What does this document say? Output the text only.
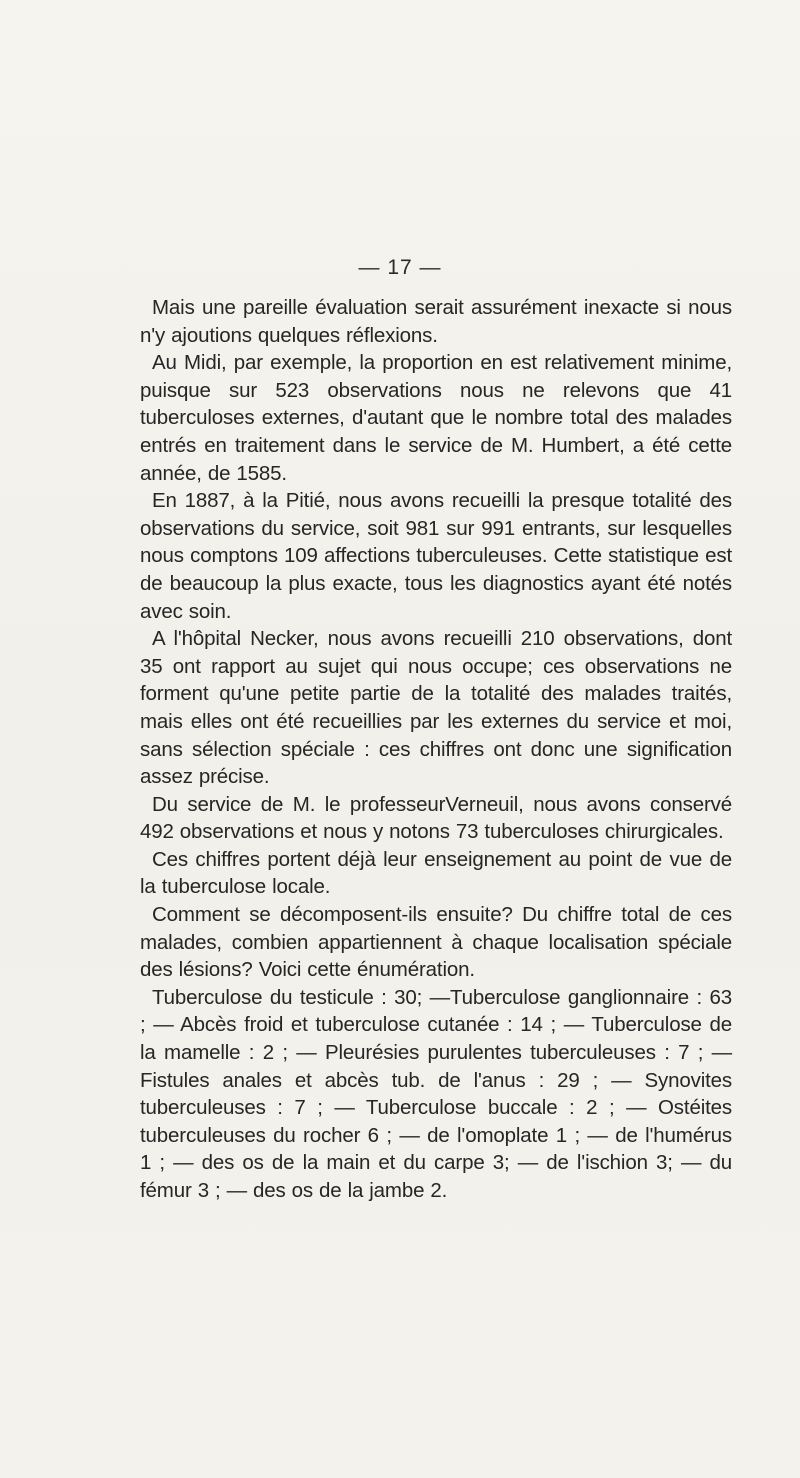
— 17 —

Mais une pareille évaluation serait assurément inexacte si nous n'y ajoutions quelques réflexions.

Au Midi, par exemple, la proportion en est relativement minime, puisque sur 523 observations nous ne relevons que 41 tuberculoses externes, d'autant que le nombre total des malades entrés en traitement dans le service de M. Humbert, a été cette année, de 1585.

En 1887, à la Pitié, nous avons recueilli la presque totalité des observations du service, soit 981 sur 991 entrants, sur lesquelles nous comptons 109 affections tuberculeuses. Cette statistique est de beaucoup la plus exacte, tous les diagnostics ayant été notés avec soin.

A l'hôpital Necker, nous avons recueilli 210 observations, dont 35 ont rapport au sujet qui nous occupe; ces observations ne forment qu'une petite partie de la totalité des malades traités, mais elles ont été recueillies par les externes du service et moi, sans sélection spéciale : ces chiffres ont donc une signification assez précise.

Du service de M. le professeurVerneuil, nous avons conservé 492 observations et nous y notons 73 tuberculoses chirurgicales.

Ces chiffres portent déjà leur enseignement au point de vue de la tuberculose locale.

Comment se décomposent-ils ensuite? Du chiffre total de ces malades, combien appartiennent à chaque localisation spéciale des lésions? Voici cette énumération.

Tuberculose du testicule : 30; —Tuberculose ganglionnaire : 63 ; — Abcès froid et tuberculose cutanée : 14 ; — Tuberculose de la mamelle : 2 ; — Pleurésies purulentes tuberculeuses : 7 ; — Fistules anales et abcès tub. de l'anus : 29 ; — Synovites tuberculeuses : 7 ; — Tuberculose buccale : 2 ; — Ostéites tuberculeuses du rocher 6 ; — de l'omoplate 1 ; — de l'humérus 1 ; — des os de la main et du carpe 3; — de l'ischion 3; — du fémur 3 ; — des os de la jambe 2.
